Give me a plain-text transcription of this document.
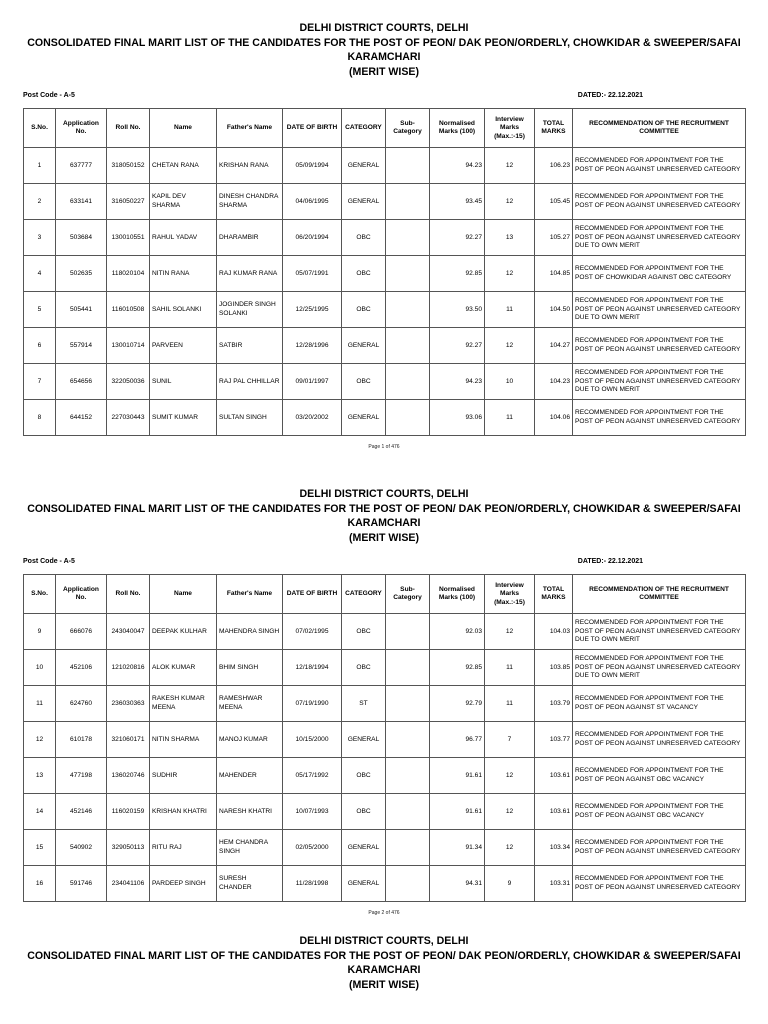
DELHI DISTRICT COURTS, DELHI
CONSOLIDATED FINAL MARIT LIST OF THE CANDIDATES FOR THE POST OF PEON/ DAK PEON/ORDERLY, CHOWKIDAR & SWEEPER/SAFAI
KARAMCHARI
(MERIT WISE)
Post Code - A-5	DATED:- 22.12.2021
S.No.	Application No.	Roll No.	Name	Father's Name	DATE OF BIRTH	CATEGORY	Sub-Category	Normalised Marks (100)	Interview Marks (Max.:-15)	TOTAL MARKS	RECOMMENDATION OF THE RECRUITMENT COMMITTEE
1	637777	318050152	CHETAN RANA	KRISHAN RANA	05/09/1994	GENERAL		94.23	12	106.23	RECOMMENDED FOR APPOINTMENT FOR THE POST OF PEON AGAINST UNRESERVED CATEGORY
2	633141	316050227	KAPIL DEV SHARMA	DINESH CHANDRA SHARMA	04/06/1995	GENERAL		93.45	12	105.45	RECOMMENDED FOR APPOINTMENT FOR THE POST OF PEON AGAINST UNRESERVED CATEGORY
3	503684	130010551	RAHUL YADAV	DHARAMBIR	06/20/1994	OBC		92.27	13	105.27	RECOMMENDED FOR APPOINTMENT FOR THE POST OF PEON AGAINST UNRESERVED CATEGORY DUE TO OWN MERIT
4	502635	118020104	NITIN RANA	RAJ KUMAR RANA	05/07/1991	OBC		92.85	12	104.85	RECOMMENDED FOR APPOINTMENT FOR THE POST OF CHOWKIDAR AGAINST OBC CATEGORY
5	505441	116010508	SAHIL SOLANKI	JOGINDER SINGH SOLANKI	12/25/1995	OBC		93.50	11	104.50	RECOMMENDED FOR APPOINTMENT FOR THE POST OF PEON AGAINST UNRESERVED CATEGORY DUE TO OWN MERIT
6	557914	130010714	PARVEEN	SATBIR	12/28/1996	GENERAL		92.27	12	104.27	RECOMMENDED FOR APPOINTMENT FOR THE POST OF PEON AGAINST UNRESERVED CATEGORY
7	654656	322050036	SUNIL	RAJ PAL CHHILLAR	09/01/1997	OBC		94.23	10	104.23	RECOMMENDED FOR APPOINTMENT FOR THE POST OF PEON AGAINST UNRESERVED CATEGORY DUE TO OWN MERIT
8	644152	227030443	SUMIT KUMAR	SULTAN SINGH	03/20/2002	GENERAL		93.06	11	104.06	RECOMMENDED FOR APPOINTMENT FOR THE POST OF PEON AGAINST UNRESERVED CATEGORY
Page 1 of 476
DELHI DISTRICT COURTS, DELHI
CONSOLIDATED FINAL MARIT LIST OF THE CANDIDATES FOR THE POST OF PEON/ DAK PEON/ORDERLY, CHOWKIDAR & SWEEPER/SAFAI
KARAMCHARI
(MERIT WISE)
Post Code - A-5	DATED:- 22.12.2021
S.No.	Application No.	Roll No.	Name	Father's Name	DATE OF BIRTH	CATEGORY	Sub-Category	Normalised Marks (100)	Interview Marks (Max.:-15)	TOTAL MARKS	RECOMMENDATION OF THE RECRUITMENT COMMITTEE
9	666076	243040047	DEEPAK KULHAR	MAHENDRA SINGH	07/02/1995	OBC		92.03	12	104.03	RECOMMENDED FOR APPOINTMENT FOR THE POST OF PEON AGAINST UNRESERVED CATEGORY DUE TO OWN MERIT
10	452106	121020816	ALOK KUMAR	BHIM SINGH	12/18/1994	OBC		92.85	11	103.85	RECOMMENDED FOR APPOINTMENT FOR THE POST OF PEON AGAINST UNRESERVED CATEGORY DUE TO OWN MERIT
11	624760	236030363	RAKESH KUMAR MEENA	RAMESHWAR MEENA	07/19/1990	ST		92.79	11	103.79	RECOMMENDED FOR APPOINTMENT FOR THE POST OF PEON AGAINST ST VACANCY
12	610178	321060171	NITIN SHARMA	MANOJ KUMAR	10/15/2000	GENERAL		96.77	7	103.77	RECOMMENDED FOR APPOINTMENT FOR THE POST OF PEON AGAINST UNRESERVED CATEGORY
13	477198	136020746	SUDHIR	MAHENDER	05/17/1992	OBC		91.61	12	103.61	RECOMMENDED FOR APPOINTMENT FOR THE POST OF PEON AGAINST OBC VACANCY
14	452146	116020159	KRISHAN KHATRI	NARESH KHATRI	10/07/1993	OBC		91.61	12	103.61	RECOMMENDED FOR APPOINTMENT FOR THE POST OF PEON AGAINST OBC VACANCY
15	540902	329050113	RITU RAJ	HEM CHANDRA SINGH	02/05/2000	GENERAL		91.34	12	103.34	RECOMMENDED FOR APPOINTMENT FOR THE POST OF PEON AGAINST UNRESERVED CATEGORY
16	591746	234041106	PARDEEP SINGH	SURESH CHANDER	11/28/1998	GENERAL		94.31	9	103.31	RECOMMENDED FOR APPOINTMENT FOR THE POST OF PEON AGAINST UNRESERVED CATEGORY
Page 2 of 476
DELHI DISTRICT COURTS, DELHI
CONSOLIDATED FINAL MARIT LIST OF THE CANDIDATES FOR THE POST OF PEON/ DAK PEON/ORDERLY, CHOWKIDAR & SWEEPER/SAFAI
KARAMCHARI
(MERIT WISE)
